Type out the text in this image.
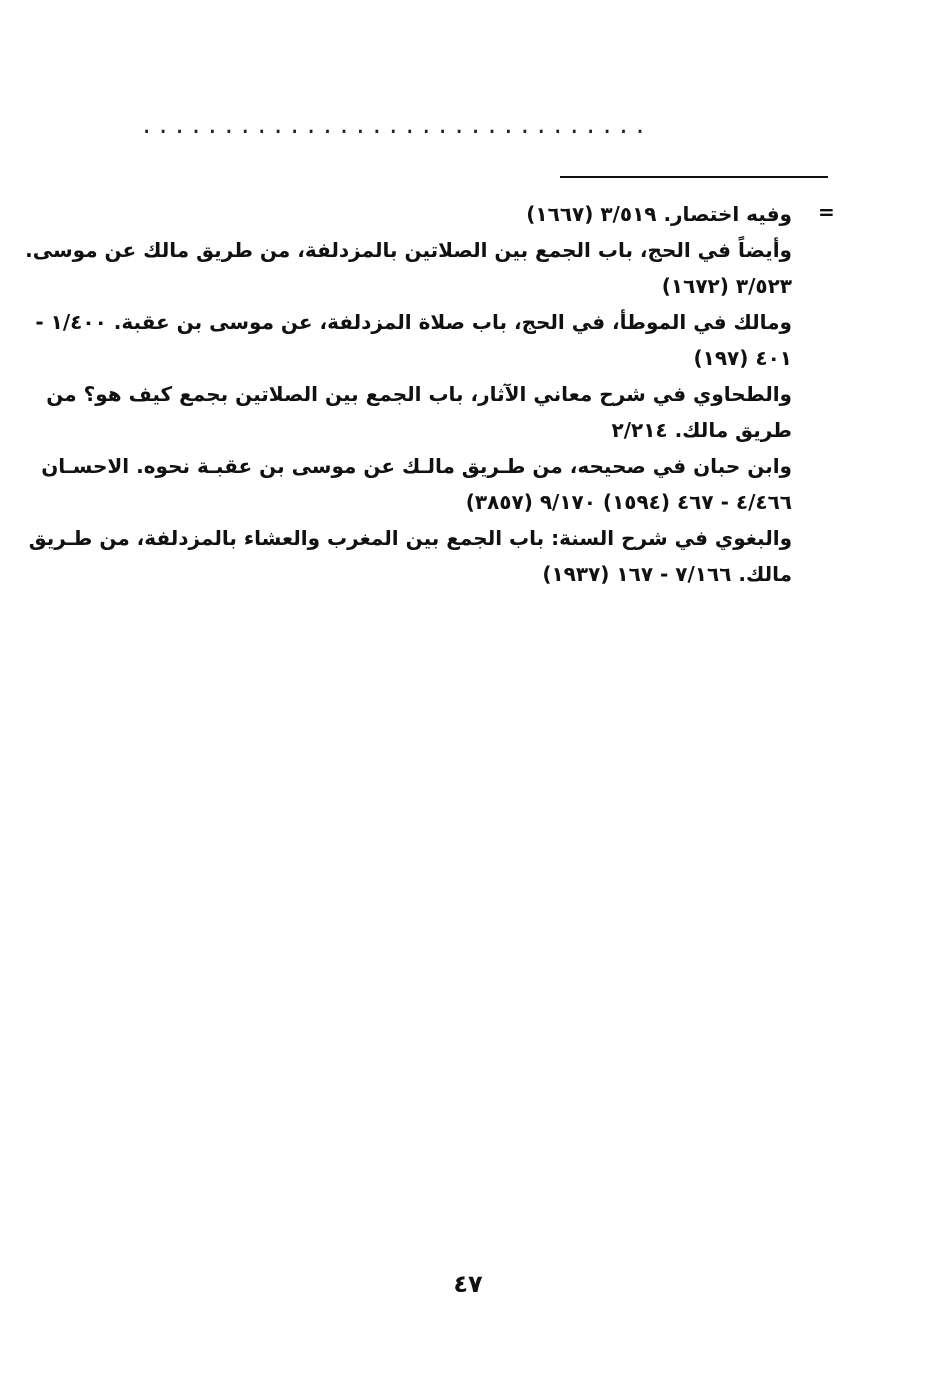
...............................
=
وفيه اختصار. ٣/٥١٩ (١٦٦٧)
وأيضاً في الحج، باب الجمع بين الصلاتين بالمزدلفة، من طريق مالك عن موسى.
٣/٥٢٣ (١٦٧٢)
ومالك في الموطأ، في الحج، باب صلاة المزدلفة، عن موسى بن عقبة. ١/٤٠٠ -
٤٠١ (١٩٧)
والطحاوي في شرح معاني الآثار، باب الجمع بين الصلاتين بجمع كيف هو؟ من
طريق مالك. ٢/٢١٤
وابن حبان في صحيحه، من طـريق مالـك عن موسى بن عقبـة نحوه. الاحسـان
٤/٤٦٦ - ٤٦٧ (١٥٩٤) ٩/١٧٠ (٣٨٥٧)
والبغوي في شرح السنة: باب الجمع بين المغرب والعشاء بالمزدلفة، من طـريق
مالك. ٧/١٦٦ - ١٦٧ (١٩٣٧)
٤٧
